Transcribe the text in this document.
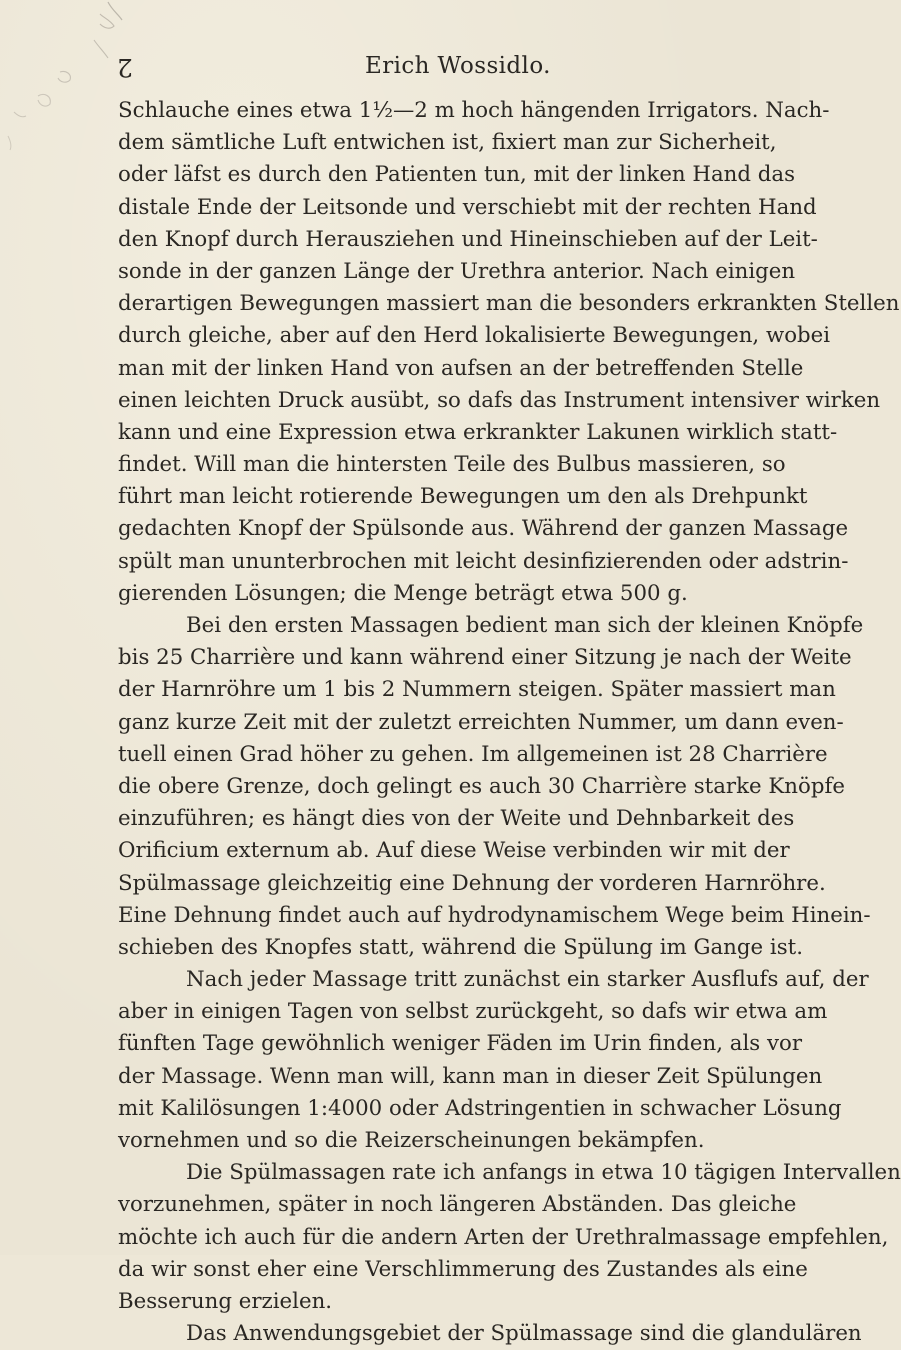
2	Erich Wossidlo.
Schlauche eines etwa 1½—2 m hoch hängenden Irrigators. Nach-
dem sämtliche Luft entwichen ist, fixiert man zur Sicherheit,
oder läfst es durch den Patienten tun, mit der linken Hand das
distale Ende der Leitsonde und verschiebt mit der rechten Hand
den Knopf durch Herausziehen und Hineinschieben auf der Leit-
sonde in der ganzen Länge der Urethra anterior. Nach einigen
derartigen Bewegungen massiert man die besonders erkrankten Stellen
durch gleiche, aber auf den Herd lokalisierte Bewegungen, wobei
man mit der linken Hand von aufsen an der betreffenden Stelle
einen leichten Druck ausübt, so dafs das Instrument intensiver wirken
kann und eine Expression etwa erkrankter Lakunen wirklich statt-
findet. Will man die hintersten Teile des Bulbus massieren, so
führt man leicht rotierende Bewegungen um den als Drehpunkt
gedachten Knopf der Spülsonde aus. Während der ganzen Massage
spült man ununterbrochen mit leicht desinfizierenden oder adstrin-
gierenden Lösungen; die Menge beträgt etwa 500 g.
Bei den ersten Massagen bedient man sich der kleinen Knöpfe
bis 25 Charrière und kann während einer Sitzung je nach der Weite
der Harnröhre um 1 bis 2 Nummern steigen. Später massiert man
ganz kurze Zeit mit der zuletzt erreichten Nummer, um dann even-
tuell einen Grad höher zu gehen. Im allgemeinen ist 28 Charrière
die obere Grenze, doch gelingt es auch 30 Charrière starke Knöpfe
einzuführen; es hängt dies von der Weite und Dehnbarkeit des
Orificium externum ab. Auf diese Weise verbinden wir mit der
Spülmassage gleichzeitig eine Dehnung der vorderen Harnröhre.
Eine Dehnung findet auch auf hydrodynamischem Wege beim Hinein-
schieben des Knopfes statt, während die Spülung im Gange ist.
Nach jeder Massage tritt zunächst ein starker Ausflufs auf, der
aber in einigen Tagen von selbst zurückgeht, so dafs wir etwa am
fünften Tage gewöhnlich weniger Fäden im Urin finden, als vor
der Massage. Wenn man will, kann man in dieser Zeit Spülungen
mit Kalilösungen 1:4000 oder Adstringentien in schwacher Lösung
vornehmen und so die Reizerscheinungen bekämpfen.
Die Spülmassagen rate ich anfangs in etwa 10 tägigen Intervallen
vorzunehmen, später in noch längeren Abständen. Das gleiche
möchte ich auch für die andern Arten der Urethralmassage empfehlen,
da wir sonst eher eine Verschlimmerung des Zustandes als eine
Besserung erzielen.
Das Anwendungsgebiet der Spülmassage sind die glandulären
